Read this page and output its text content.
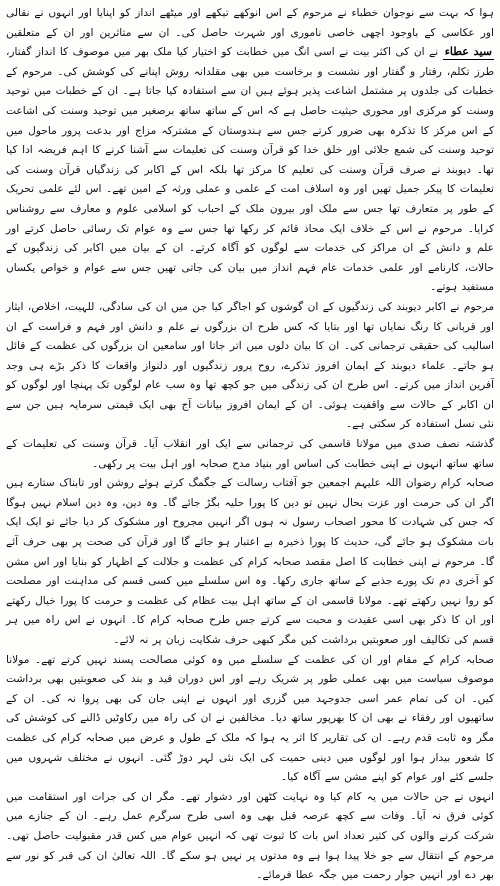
ہوا کہ بہت سے نوجوان خطباء نے مرحوم کے اس انوکھے تیکھے اور میٹھے انداز کو اپنایا اور انہوں نے نقالی اور عکاسی کے باوجود اچھی خاصی ناموری اور شہرت حاصل کی۔ ان سے متاثرین اور ان کے متعلقین سید عطاء نے ان کی اکثر بیت نے اسی انگ میں خطابت کو اختیار کیا ملک بھر میں موصوف کا انداز گفتار، طرز تکلم، رفتار و گفتار اور نشست و برخاست میں بھی مقلدانہ روش اپنانے کی کوشش کی۔ مرحوم کے خطبات کی جلدوں پر مشتمل اشاعت پذیر ہوئے ہیں ان سے استفادہ کیا جاتا ہے۔ ان کے خطبات میں توحید وسنت کو مرکزی اور محوری حیثیت حاصل ہے کہ اس کے ساتھ ساتھ برصغیر میں توحید وسنت کی اشاعت کے اس مرکز کا تذکرہ بھی ضرور کرتے جس سے ہندوستان کے مشترکہ مزاج اور بدعت پرور ماحول میں توحید وسنت کی شمع جلائی اور خلق خدا کو قرآن وسنت کی تعلیمات سے آشنا کرنے کا اہم فریضہ ادا کیا تھا۔ دیوبند نے صرف قرآن وسنت کی تعلیم کا مرکز تھا بلکہ اس کے اکابر کی زندگیاں قرآن وسنت کی تعلیمات کا پیکر جمیل تھیں اور وہ اسلاف امت کے علمی و عملی ورثہ کے امین تھے۔ اس لئے علمی تحریک کے طور پر متعارف تھا جس سے ملک اور بیرون ملک کے احباب کو اسلامی علوم و معارف سے روشناس کرایا۔ مرحوم نے اس کے خلاف ایک محاذ قائم کر رکھا تھا جس سے وہ عوام تک رسائی حاصل کرتے اور علم و دانش کے ان مراکز کی خدمات سے لوگوں کو آگاہ کرتے۔ ان کے بیان میں اکابر کی زندگیوں کے حالات، کارنامے اور علمی خدمات عام فہم انداز میں بیان کی جاتی تھیں جس سے عوام و خواص یکساں مستفید ہوتے۔

مرحوم نے اکابر دیوبند کی زندگیوں کے ان گوشوں کو اجاگر کیا جن میں ان کی سادگی، للہیت، اخلاص، ایثار اور قربانی کا رنگ نمایاں تھا اور بتایا کہ کس طرح ان بزرگوں نے علم و دانش اور فہم و فراست کے ان اسالیب کی حقیقی ترجمانی کی۔ ان کا بیان دلوں میں اتر جاتا اور سامعین ان بزرگوں کی عظمت کے قائل ہو جاتے۔ علماء دیوبند کے ایمان افروز تذکرے، روح پرور زندگیوں اور دلنواز واقعات کا ذکر بڑے ہی وجد آفرین انداز میں کرتے۔ اس طرح ان کی زندگی میں جو کچھ تھا وہ سب عام لوگوں تک پہنچا اور لوگوں کو ان اکابر کے حالات سے واقفیت ہوئی۔ ان کے ایمان افروز بیانات آج بھی ایک قیمتی سرمایہ ہیں جن سے نئی نسل استفادہ کر سکتی ہے۔

گذشتہ نصف صدی میں مولانا قاسمی کی ترجمانی سے ایک اور انقلاب آیا۔ قرآن وسنت کی تعلیمات کے ساتھ ساتھ انہوں نے اپنی خطابت کی اساس اور بنیاد مدح صحابہ اور اہل بیت پر رکھی۔

صحابہ کرام رضوان اللہ علیہم اجمعین جو آفتاب رسالت کے جگمگ کرتے ہوئے روشن اور تابناک ستارے ہیں اگر ان کی حرمت اور عزت بحال نہیں تو دین کا پورا حلیہ بگڑ جائے گا۔ وہ دین، وہ دین اسلام نہیں ہوگا کہ جس کی شہادت کا محور اصحاب رسول نہ ہوں اگر انہیں مجروح اور مشکوک کر دیا جائے تو ایک ایک بات مشکوک ہو جائے گی، حدیث کا پورا ذخیرہ بے اعتبار ہو جائے گا اور قرآن کی صحت پر بھی حرف آئے گا۔ مرحوم نے اپنی خطابت کا اصل مقصد صحابہ کرام کی عظمت و جلالت کے اظہار کو بنایا اور اس مشن کو آخری دم تک پورے جذبے کے ساتھ جاری رکھا۔ وہ اس سلسلے میں کسی قسم کی مداہنت اور مصلحت کو روا نہیں رکھتے تھے۔ مولانا قاسمی ان کے ساتھ اہل بیت عظام کی عظمت و حرمت کا پورا خیال رکھتے اور ان کا ذکر بھی اسی عقیدت و محبت سے کرتے جس طرح صحابہ کرام کا۔ انہوں نے اس راہ میں ہر قسم کی تکالیف اور صعوبتیں برداشت کیں مگر کبھی حرف شکایت زبان پر نہ لائے۔

صحابہ کرام کے مقام اور ان کی عظمت کے سلسلے میں وہ کوئی مصالحت پسند نہیں کرتے تھے۔ مولانا موصوف سیاست میں بھی عملی طور پر شریک رہے اور اس دوران قید و بند کی صعوبتیں بھی برداشت کیں۔ ان کی تمام عمر اسی جدوجہد میں گزری اور انہوں نے اپنی جان کی بھی پروا نہ کی۔ ان کے ساتھیوں اور رفقاء نے بھی ان کا بھرپور ساتھ دیا۔ مخالفین نے ان کی راہ میں رکاوٹیں ڈالنے کی کوشش کی مگر وہ ثابت قدم رہے۔ ان کی تقاریر کا اثر یہ ہوا کہ ملک کے طول و عرض میں صحابہ کرام کی عظمت کا شعور بیدار ہوا اور لوگوں میں دینی حمیت کی ایک نئی لہر دوڑ گئی۔ انہوں نے مختلف شہروں میں جلسے کئے اور عوام کو اپنے مشن سے آگاہ کیا۔

انہوں نے جن حالات میں یہ کام کیا وہ نہایت کٹھن اور دشوار تھے۔ مگر ان کی جرات اور استقامت میں کوئی فرق نہ آیا۔ وفات سے کچھ عرصہ قبل بھی وہ اسی طرح سرگرم عمل رہے۔ ان کے جنازے میں شرکت کرنے والوں کی کثیر تعداد اس بات کا ثبوت تھی کہ انہیں عوام میں کس قدر مقبولیت حاصل تھی۔ مرحوم کے انتقال سے جو خلا پیدا ہوا ہے وہ مدتوں پر نہیں ہو سکے گا۔ اللہ تعالیٰ ان کی قبر کو نور سے بھر دے اور انہیں جوار رحمت میں جگہ عطا فرمائے۔
